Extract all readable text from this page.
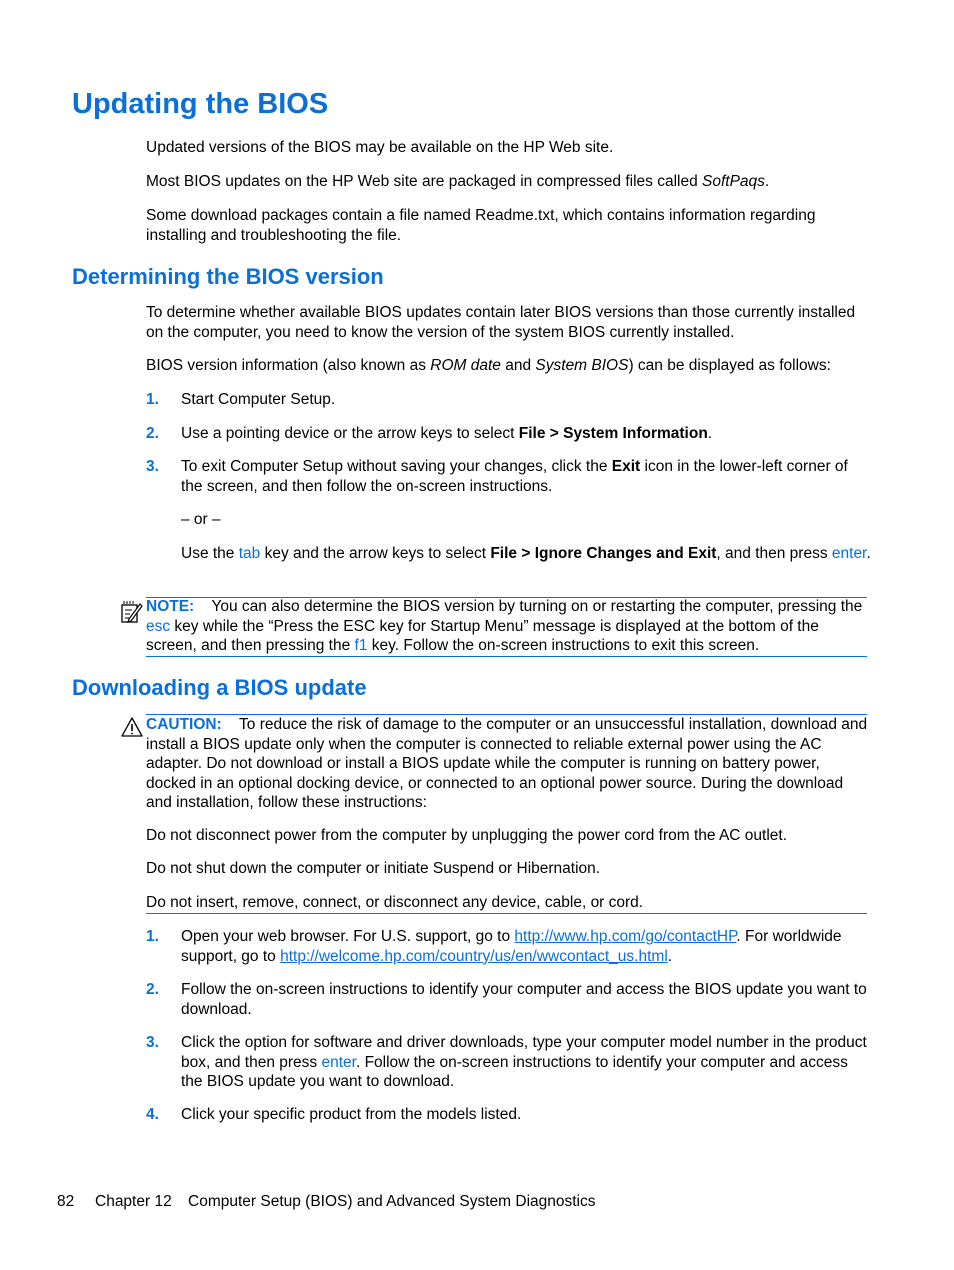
Updating the BIOS

Updated versions of the BIOS may be available on the HP Web site.

Most BIOS updates on the HP Web site are packaged in compressed files called SoftPaqs.

Some download packages contain a file named Readme.txt, which contains information regarding installing and troubleshooting the file.

Determining the BIOS version

To determine whether available BIOS updates contain later BIOS versions than those currently installed on the computer, you need to know the version of the system BIOS currently installed.

BIOS version information (also known as ROM date and System BIOS) can be displayed as follows:

1. Start Computer Setup.

2. Use a pointing device or the arrow keys to select File > System Information.

3. To exit Computer Setup without saving your changes, click the Exit icon in the lower-left corner of the screen, and then follow the on-screen instructions.

– or –

Use the tab key and the arrow keys to select File > Ignore Changes and Exit, and then press enter.

NOTE: You can also determine the BIOS version by turning on or restarting the computer, pressing the esc key while the “Press the ESC key for Startup Menu” message is displayed at the bottom of the screen, and then pressing the f1 key. Follow the on-screen instructions to exit this screen.

Downloading a BIOS update

CAUTION: To reduce the risk of damage to the computer or an unsuccessful installation, download and install a BIOS update only when the computer is connected to reliable external power using the AC adapter. Do not download or install a BIOS update while the computer is running on battery power, docked in an optional docking device, or connected to an optional power source. During the download and installation, follow these instructions:

Do not disconnect power from the computer by unplugging the power cord from the AC outlet.

Do not shut down the computer or initiate Suspend or Hibernation.

Do not insert, remove, connect, or disconnect any device, cable, or cord.

1. Open your web browser. For U.S. support, go to http://www.hp.com/go/contactHP. For worldwide support, go to http://welcome.hp.com/country/us/en/wwcontact_us.html.

2. Follow the on-screen instructions to identify your computer and access the BIOS update you want to download.

3. Click the option for software and driver downloads, type your computer model number in the product box, and then press enter. Follow the on-screen instructions to identify your computer and access the BIOS update you want to download.

4. Click your specific product from the models listed.

82 Chapter 12 Computer Setup (BIOS) and Advanced System Diagnostics
